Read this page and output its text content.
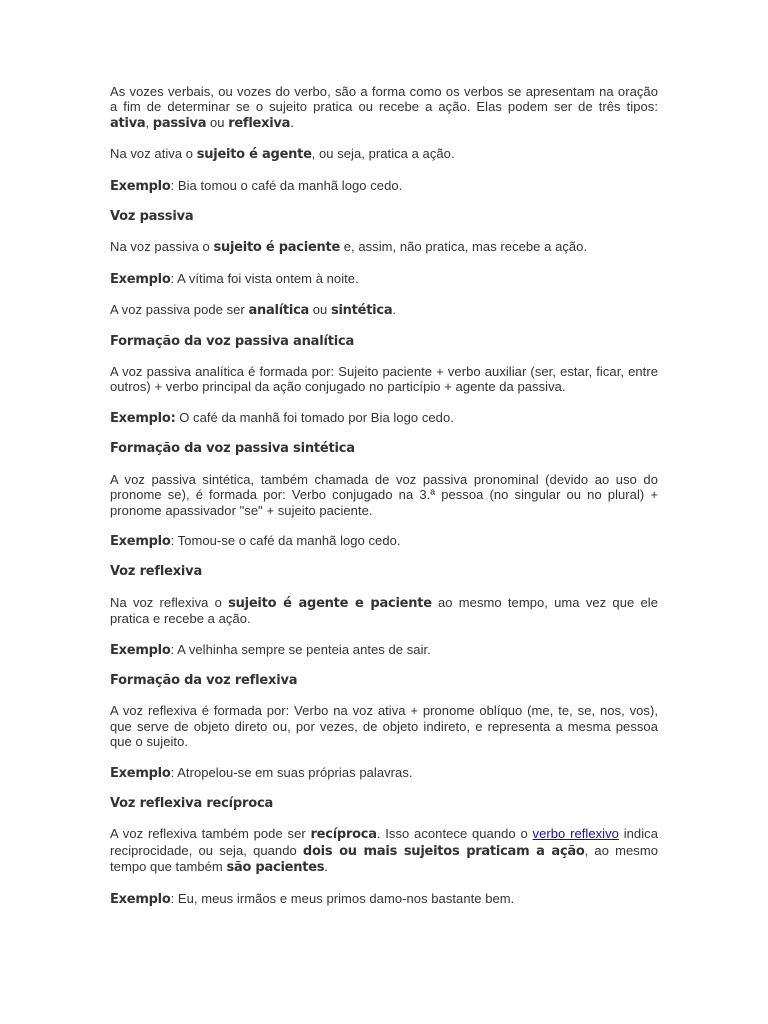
As vozes verbais, ou vozes do verbo, são a forma como os verbos se apresentam na oração a fim de determinar se o sujeito pratica ou recebe a ação. Elas podem ser de três tipos: ativa, passiva ou reflexiva.

Na voz ativa o sujeito é agente, ou seja, pratica a ação.

Exemplo: Bia tomou o café da manhã logo cedo.

Voz passiva

Na voz passiva o sujeito é paciente e, assim, não pratica, mas recebe a ação.

Exemplo: A vítima foi vista ontem à noite.

A voz passiva pode ser analítica ou sintética.

Formação da voz passiva analítica

A voz passiva analítica é formada por: Sujeito paciente + verbo auxiliar (ser, estar, ficar, entre outros) + verbo principal da ação conjugado no particípio + agente da passiva.

Exemplo: O café da manhã foi tomado por Bia logo cedo.

Formação da voz passiva sintética

A voz passiva sintética, também chamada de voz passiva pronominal (devido ao uso do pronome se), é formada por: Verbo conjugado na 3.ª pessoa (no singular ou no plural) + pronome apassivador "se" + sujeito paciente.

Exemplo: Tomou-se o café da manhã logo cedo.

Voz reflexiva

Na voz reflexiva o sujeito é agente e paciente ao mesmo tempo, uma vez que ele pratica e recebe a ação.

Exemplo: A velhinha sempre se penteia antes de sair.

Formação da voz reflexiva

A voz reflexiva é formada por: Verbo na voz ativa + pronome oblíquo (me, te, se, nos, vos), que serve de objeto direto ou, por vezes, de objeto indireto, e representa a mesma pessoa que o sujeito.

Exemplo: Atropelou-se em suas próprias palavras.

Voz reflexiva recíproca

A voz reflexiva também pode ser recíproca. Isso acontece quando o verbo reflexivo indica reciprocidade, ou seja, quando dois ou mais sujeitos praticam a ação, ao mesmo tempo que também são pacientes.

Exemplo: Eu, meus irmãos e meus primos damo-nos bastante bem.
